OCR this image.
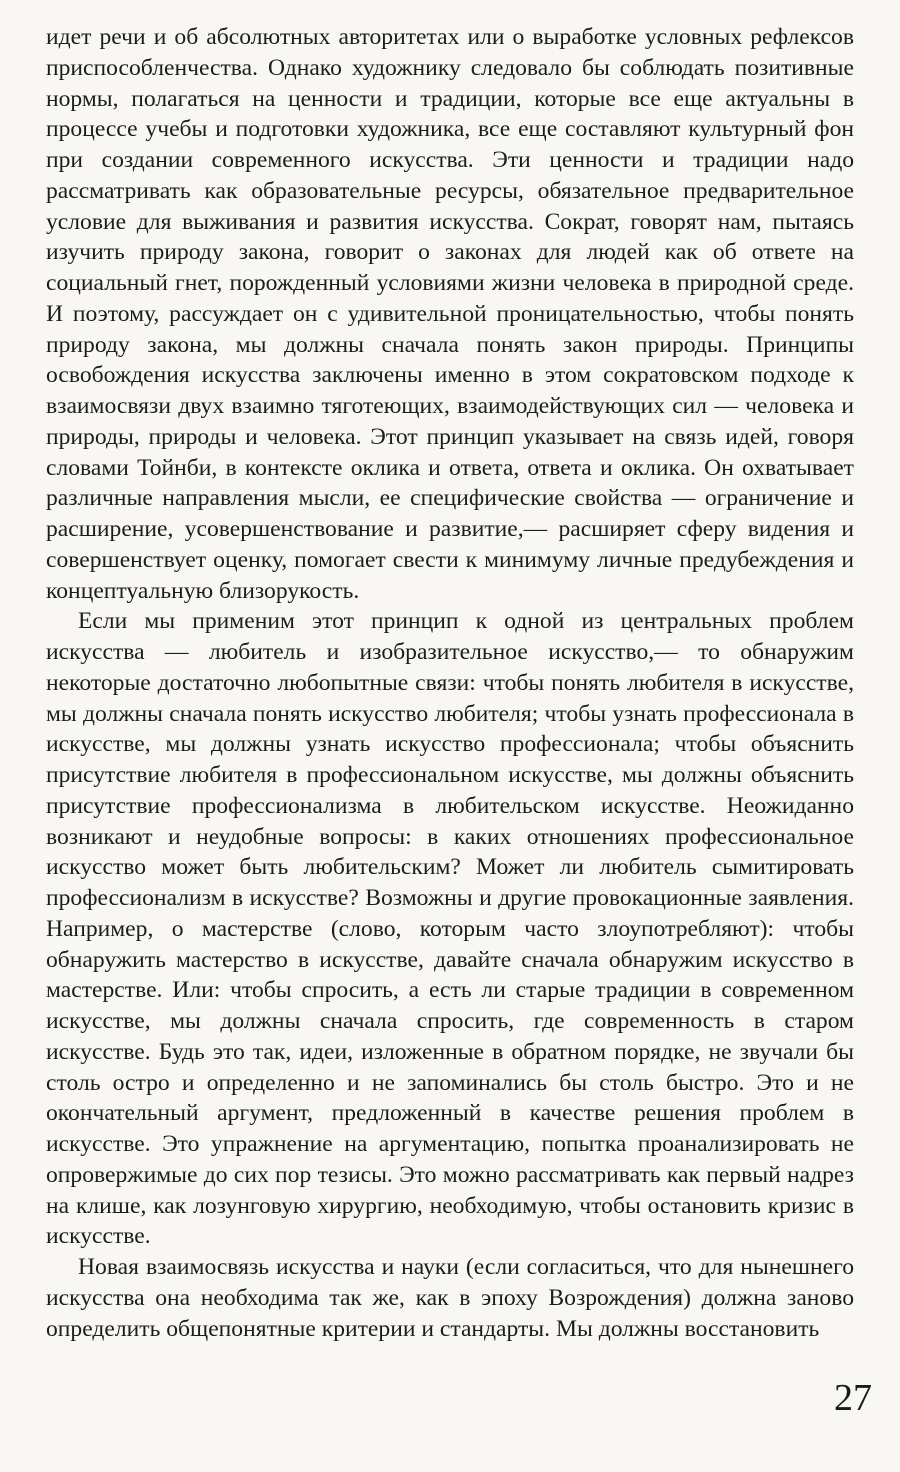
идет речи и об абсолютных авторитетах или о выработке условных рефлексов приспособленчества. Однако художнику следовало бы соблюдать позитивные нормы, полагаться на ценности и традиции, которые все еще актуальны в процессе учебы и подготовки художника, все еще составляют культурный фон при создании современного искусства. Эти ценности и традиции надо рассматривать как образовательные ресурсы, обязательное предварительное условие для выживания и развития искусства. Сократ, говорят нам, пытаясь изучить природу закона, говорит о законах для людей как об ответе на социальный гнет, порожденный условиями жизни человека в природной среде. И поэтому, рассуждает он с удивительной проницательностью, чтобы понять природу закона, мы должны сначала понять закон природы. Принципы освобождения искусства заключены именно в этом сократовском подходе к взаимосвязи двух взаимно тяготеющих, взаимодействующих сил — человека и природы, природы и человека. Этот принцип указывает на связь идей, говоря словами Тойнби, в контексте оклика и ответа, ответа и оклика. Он охватывает различные направления мысли, ее специфические свойства — ограничение и расширение, усовершенствование и развитие,— расширяет сферу видения и совершенствует оценку, помогает свести к минимуму личные предубеждения и концептуальную близорукость.

Если мы применим этот принцип к одной из центральных проблем искусства — любитель и изобразительное искусство,— то обнаружим некоторые достаточно любопытные связи: чтобы понять любителя в искусстве, мы должны сначала понять искусство любителя; чтобы узнать профессионала в искусстве, мы должны узнать искусство профессионала; чтобы объяснить присутствие любителя в профессиональном искусстве, мы должны объяснить присутствие профессионализма в любительском искусстве. Неожиданно возникают и неудобные вопросы: в каких отношениях профессиональное искусство может быть любительским? Может ли любитель сымитировать профессионализм в искусстве? Возможны и другие провокационные заявления. Например, о мастерстве (слово, которым часто злоупотребляют): чтобы обнаружить мастерство в искусстве, давайте сначала обнаружим искусство в мастерстве. Или: чтобы спросить, а есть ли старые традиции в современном искусстве, мы должны сначала спросить, где современность в старом искусстве. Будь это так, идеи, изложенные в обратном порядке, не звучали бы столь остро и определенно и не запоминались бы столь быстро. Это и не окончательный аргумент, предложенный в качестве решения проблем в искусстве. Это упражнение на аргументацию, попытка проанализировать не опровержимые до сих пор тезисы. Это можно рассматривать как первый надрез на клише, как лозунговую хирургию, необходимую, чтобы остановить кризис в искусстве.

Новая взаимосвязь искусства и науки (если согласиться, что для нынешнего искусства она необходима так же, как в эпоху Возрождения) должна заново определить общепонятные критерии и стандарты. Мы должны восстановить

27
